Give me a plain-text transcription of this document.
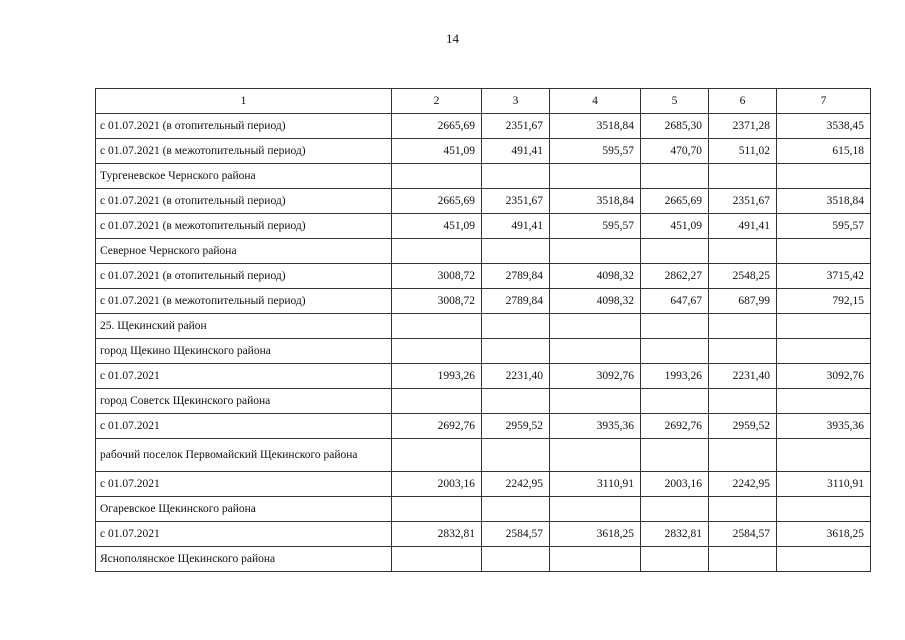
14
1	2	3	4	5	6	7
с 01.07.2021 (в отопительный период)	2665,69	2351,67	3518,84	2685,30	2371,28	3538,45
с 01.07.2021 (в межотопительный период)	451,09	491,41	595,57	470,70	511,02	615,18
Тургеневское Чернского района						
с 01.07.2021 (в отопительный период)	2665,69	2351,67	3518,84	2665,69	2351,67	3518,84
с 01.07.2021 (в межотопительный период)	451,09	491,41	595,57	451,09	491,41	595,57
Северное Чернского района						
с 01.07.2021 (в отопительный период)	3008,72	2789,84	4098,32	2862,27	2548,25	3715,42
с 01.07.2021 (в межотопительный период)	3008,72	2789,84	4098,32	647,67	687,99	792,15
25. Щекинский район						
город Щекино Щекинского района						
с 01.07.2021	1993,26	2231,40	3092,76	1993,26	2231,40	3092,76
город Советск Щекинского района						
с 01.07.2021	2692,76	2959,52	3935,36	2692,76	2959,52	3935,36
рабочий поселок Первомайский Щекинского района						
с 01.07.2021	2003,16	2242,95	3110,91	2003,16	2242,95	3110,91
Огаревское Щекинского района						
с 01.07.2021	2832,81	2584,57	3618,25	2832,81	2584,57	3618,25
Яснополянское Щекинского района						
